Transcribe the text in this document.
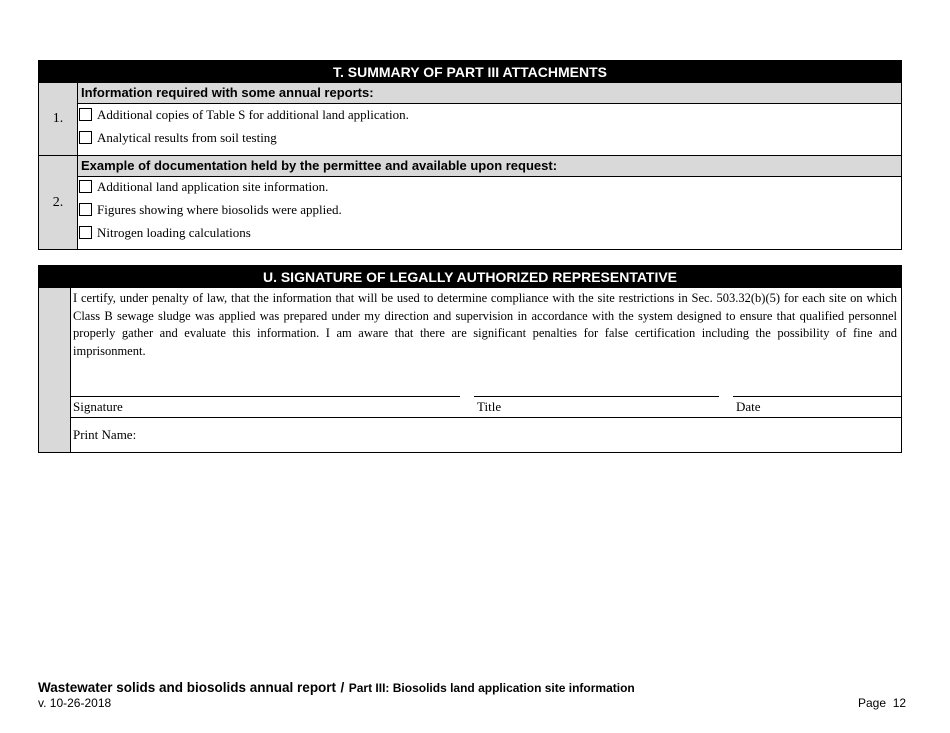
T. SUMMARY OF PART III ATTACHMENTS
1.
Information required with some annual reports:
Additional copies of Table S for additional land application.
Analytical results from soil testing
2.
Example of documentation held by the permittee and available upon request:
Additional land application site information.
Figures showing where biosolids were applied.
Nitrogen loading calculations
U. SIGNATURE OF LEGALLY AUTHORIZED REPRESENTATIVE
I certify, under penalty of law, that the information that will be used to determine compliance with the site restrictions in Sec. 503.32(b)(5) for each site on which Class B sewage sludge was applied was prepared under my direction and supervision in accordance with the system designed to ensure that qualified personnel properly gather and evaluate this information. I am aware that there are significant penalties for false certification including the possibility of fine and imprisonment.
Signature	Title	Date
Print Name:
Wastewater solids and biosolids annual report / Part III: Biosolids land application site information
v. 10-26-2018	Page 12
